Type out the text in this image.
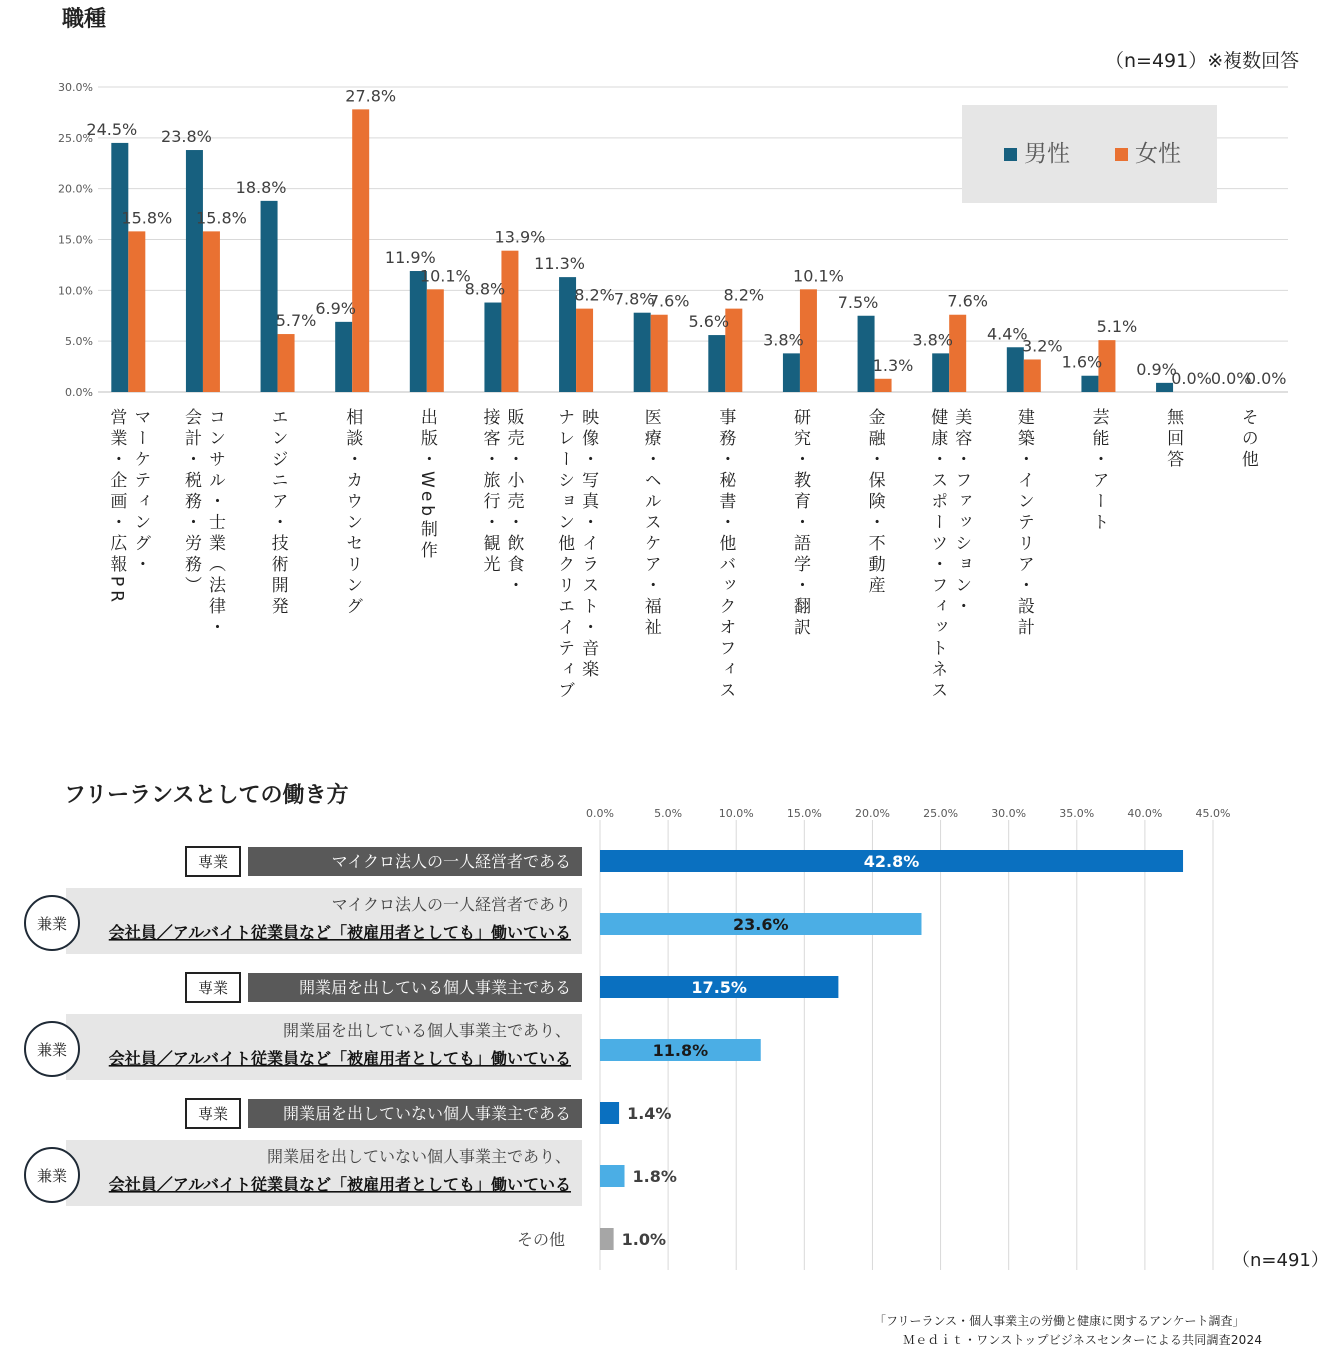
職種
（n=491）※複数回答
0.0%
5.0%
10.0%
15.0%
20.0%
25.0%
30.0%
24.5%
15.8%
営業・企画・広報PR マーケティング・
23.8%
15.8%
会計・税務・労務） コンサル・士業（法律・
18.8%
5.7%
エンジニア・技術開発
6.9%
27.8%
相談・カウンセリング
11.9%
10.1%
出版・Web制作
8.8%
13.9%
接客・旅行・観光 販売・小売・飲食・
11.3%
8.2%
ナレーション他クリエイティブ 映像・写真・イラスト・音楽
7.8%
7.6%
医療・ヘルスケア・福祉
5.6%
8.2%
事務・秘書・他バックオフィス
3.8%
10.1%
研究・教育・語学・翻訳
7.5%
1.3%
金融・保険・不動産
3.8%
7.6%
健康・スポーツ・フィットネス 美容・ファッション・
4.4%
3.2%
建築・インテリア・設計
1.6%
5.1%
芸能・アート
0.9%
0.0%
無回答
0.0%
0.0%
その他
男性	女性
フリーランスとしての働き方
0.0%	5.0%	10.0%	15.0%	20.0%	25.0%	30.0%	35.0%	40.0%	45.0%
42.8%
専業	マイクロ法人の一人経営者である
23.6%
兼業
マイクロ法人の一人経営者であり
会社員／アルバイト従業員など「被雇用者としても」働いている
17.5%
専業	開業届を出している個人事業主である
11.8%
兼業
開業届を出している個人事業主であり、
会社員／アルバイト従業員など「被雇用者としても」働いている
1.4%
専業	開業届を出していない個人事業主である
1.8%
兼業
開業届を出していない個人事業主であり、
会社員／アルバイト従業員など「被雇用者としても」働いている
1.0%
その他
（n=491）
「フリーランス・個人事業主の労働と健康に関するアンケート調査」
Ｍｅｄｉｔ・ワンストップビジネスセンターによる共同調査2024
